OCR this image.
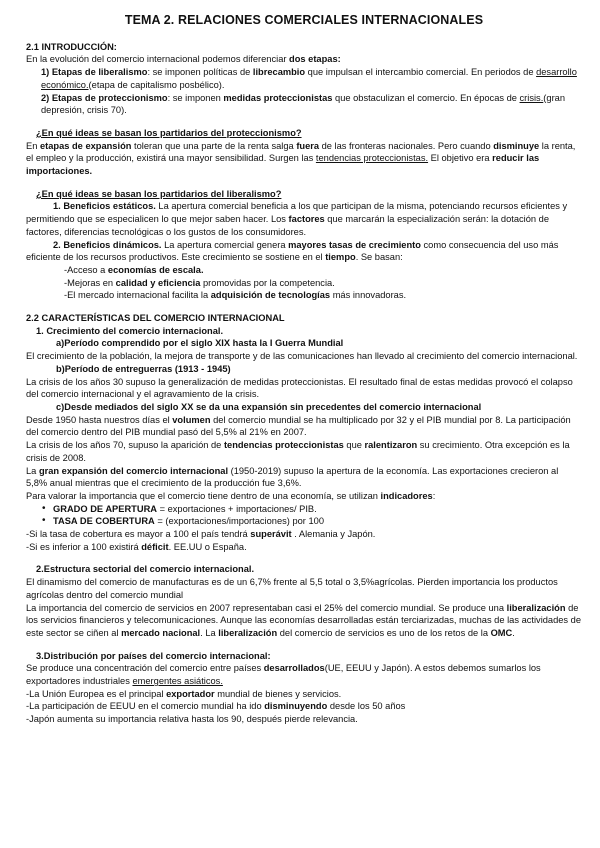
TEMA 2. RELACIONES COMERCIALES INTERNACIONALES

2.1 INTRODUCCIÓN:

En la evolución del comercio internacional podemos diferenciar dos etapas:

1) Etapas de liberalismo: se imponen políticas de librecambio que impulsan el intercambio comercial. En periodos de desarrollo económico.(etapa de capitalismo posbélico).

2) Etapas de proteccionismo: se imponen medidas proteccionistas que obstaculizan el comercio. En épocas de crisis.(gran depresión, crisis 70).

¿En qué ideas se basan los partidarios del proteccionismo?

En etapas de expansión toleran que una parte de la renta salga fuera de las fronteras nacionales. Pero cuando disminuye la renta, el empleo y la producción, existirá una mayor sensibilidad. Surgen las tendencias proteccionistas. El objetivo era reducir las importaciones.

¿En qué ideas se basan los partidarios del liberalismo?

1. Beneficios estáticos. La apertura comercial beneficia a los que participan de la misma, potenciando recursos eficientes y permitiendo que se especialicen lo que mejor saben hacer. Los factores que marcarán la especialización serán: la dotación de factores, diferencias tecnológicas o los gustos de los consumidores.

2. Beneficios dinámicos. La apertura comercial genera mayores tasas de crecimiento como consecuencia del uso más eficiente de los recursos productivos. Este crecimiento se sostiene en el tiempo. Se basan:

-Acceso a economías de escala.

-Mejoras en calidad y eficiencia promovidas por la competencia.

-El mercado internacional facilita la adquisición de tecnologías más innovadoras.

2.2 CARACTERÍSTICAS DEL COMERCIO INTERNACIONAL

1. Crecimiento del comercio internacional.

a)Período comprendido por el siglo XIX hasta la I Guerra Mundial

El crecimiento de la población, la mejora de transporte y de las comunicaciones han llevado al crecimiento del comercio internacional.

b)Período de entreguerras (1913 - 1945)

La crisis de los años 30 supuso la generalización de medidas proteccionistas. El resultado final de estas medidas provocó el colapso del comercio internacional y el agravamiento de la crisis.

c)Desde mediados del siglo XX se da una expansión sin precedentes del comercio internacional

Desde 1950 hasta nuestros días el volumen del comercio mundial se ha multiplicado por 32 y el PIB mundial por 8. La participación del comercio dentro del PIB mundial pasó del 5,5% al 21% en 2007.

La crisis de los años 70, supuso la aparición de tendencias proteccionistas que ralentizaron su crecimiento. Otra excepción es la crisis de 2008.

La gran expansión del comercio internacional (1950-2019) supuso la apertura de la economía. Las exportaciones crecieron al 5,8% anual mientras que el crecimiento de la producción fue 3,6%.

Para valorar la importancia que el comercio tiene dentro de una economía, se utilizan indicadores:

• GRADO DE APERTURA = exportaciones + importaciones/ PIB.
• TASA DE COBERTURA = (exportaciones/importaciones) por 100

-Si la tasa de cobertura es mayor a 100 el país tendrá superávit . Alemania y Japón.

-Si es inferior a 100 existirá déficit. EE.UU o España.

2.Estructura sectorial del comercio internacional.

El dinamismo del comercio de manufacturas es de un 6,7% frente al 5,5 total o 3,5%agrícolas. Pierden importancia los productos agrícolas dentro del comercio mundial

La importancia del comercio de servicios en 2007 representaban casi el 25% del comercio mundial. Se produce una liberalización de los servicios financieros y telecomunicaciones. Aunque las economías desarrolladas están terciarizadas, muchas de las actividades de este sector se ciñen al mercado nacional. La liberalización del comercio de servicios es uno de los retos de la OMC.

3.Distribución por países del comercio internacional:

Se produce una concentración del comercio entre países desarrollados(UE, EEUU y Japón). A estos debemos sumarlos los exportadores industriales emergentes asiáticos.

-La Unión Europea es el principal exportador mundial de bienes y servicios.

-La participación de EEUU en el comercio mundial ha ido disminuyendo desde los 50 años

-Japón aumenta su importancia relativa hasta los 90, después pierde relevancia.
